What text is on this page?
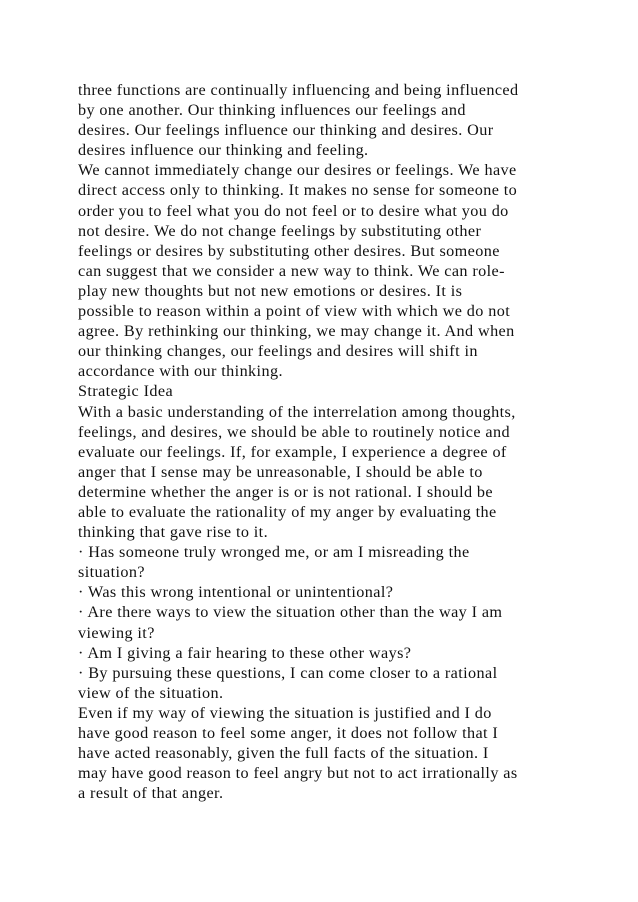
three functions are continually influencing and being influenced
by one another. Our thinking influences our feelings and
desires. Our feelings influence our thinking and desires. Our
desires influence our thinking and feeling.
We cannot immediately change our desires or feelings. We have
direct access only to thinking. It makes no sense for someone to
order you to feel what you do not feel or to desire what you do
not desire. We do not change feelings by substituting other
feelings or desires by substituting other desires. But someone
can suggest that we consider a new way to think. We can role-
play new thoughts but not new emotions or desires. It is
possible to reason within a point of view with which we do not
agree. By rethinking our thinking, we may change it. And when
our thinking changes, our feelings and desires will shift in
accordance with our thinking.
Strategic Idea
With a basic understanding of the interrelation among thoughts,
feelings, and desires, we should be able to routinely notice and
evaluate our feelings. If, for example, I experience a degree of
anger that I sense may be unreasonable, I should be able to
determine whether the anger is or is not rational. I should be
able to evaluate the rationality of my anger by evaluating the
thinking that gave rise to it.
· Has someone truly wronged me, or am I misreading the
situation?
· Was this wrong intentional or unintentional?
· Are there ways to view the situation other than the way I am
viewing it?
· Am I giving a fair hearing to these other ways?
· By pursuing these questions, I can come closer to a rational
view of the situation.
Even if my way of viewing the situation is justified and I do
have good reason to feel some anger, it does not follow that I
have acted reasonably, given the full facts of the situation. I
may have good reason to feel angry but not to act irrationally as
a result of that anger.
